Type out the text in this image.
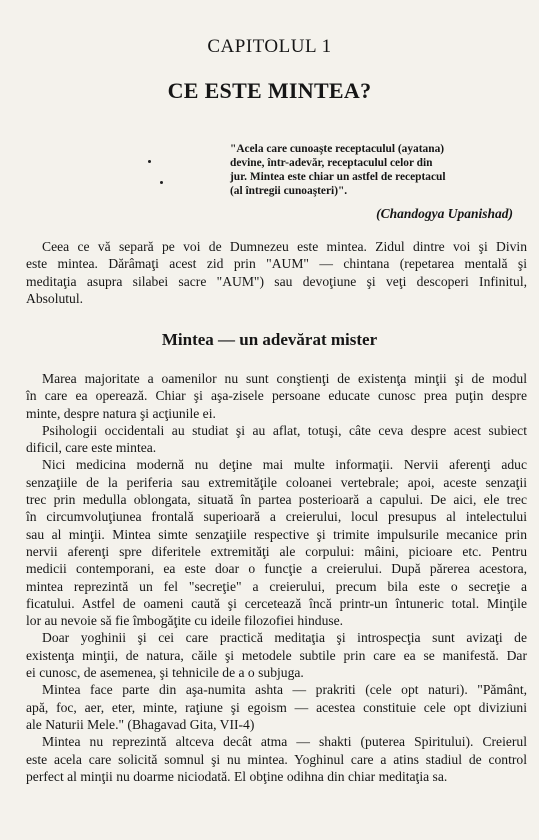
CAPITOLUL 1
CE ESTE MINTEA?
"Acela care cunoaşte receptaculul (ayatana)
devine, într-adevăr, receptaculul celor din
jur. Mintea este chiar un astfel de receptacul
(al întregii cunoaşteri)".
(Chandogya Upanishad)
Ceea ce vă separă pe voi de Dumnezeu este mintea. Zidul dintre voi şi Divin
este mintea. Dărâmaţi acest zid prin "AUM" — chintana (repetarea mentală şi
meditaţia asupra silabei sacre "AUM") sau devoţiune şi veţi descoperi Infinitul,
Absolutul.
Mintea — un adevărat mister
Marea majoritate a oamenilor nu sunt conştienţi de existenţa minţii şi de modul
în care ea operează. Chiar şi aşa-zisele persoane educate cunosc prea puţin despre
minte, despre natura şi acţiunile ei.
Psihologii occidentali au studiat şi au aflat, totuşi, câte ceva despre acest subiect
dificil, care este mintea.
Nici medicina modernă nu deţine mai multe informaţii. Nervii aferenţi aduc
senzaţiile de la periferia sau extremităţile coloanei vertebrale; apoi, aceste senzaţii
trec prin medulla oblongata, situată în partea posterioară a capului. De aici, ele trec
în circumvoluţiunea frontală superioară a creierului, locul presupus al intelectului
sau al minţii. Mintea simte senzaţiile respective şi trimite impulsurile mecanice prin
nervii aferenţi spre diferitele extremităţi ale corpului: mâini, picioare etc. Pentru
medicii contemporani, ea este doar o funcţie a creierului. După părerea acestora,
mintea reprezintă un fel "secreţie" a creierului, precum bila este o secreţie a
ficatului. Astfel de oameni caută şi cercetează încă printr-un întuneric total. Minţile
lor au nevoie să fie îmbogăţite cu ideile filozofiei hinduse.
Doar yoghinii şi cei care practică meditaţia şi introspecţia sunt avizaţi de
existenţa minţii, de natura, căile şi metodele subtile prin care ea se manifestă. Dar
ei cunosc, de asemenea, şi tehnicile de a o subjuga.
Mintea face parte din aşa-numita ashta — prakriti (cele opt naturi). "Pământ,
apă, foc, aer, eter, minte, raţiune şi egoism — acestea constituie cele opt diviziuni
ale Naturii Mele." (Bhagavad Gita, VII-4)
Mintea nu reprezintă altceva decât atma — shakti (puterea Spiritului). Creierul
este acela care solicită somnul şi nu mintea. Yoghinul care a atins stadiul de control
perfect al minţii nu doarme niciodată. El obţine odihna din chiar meditaţia sa.
